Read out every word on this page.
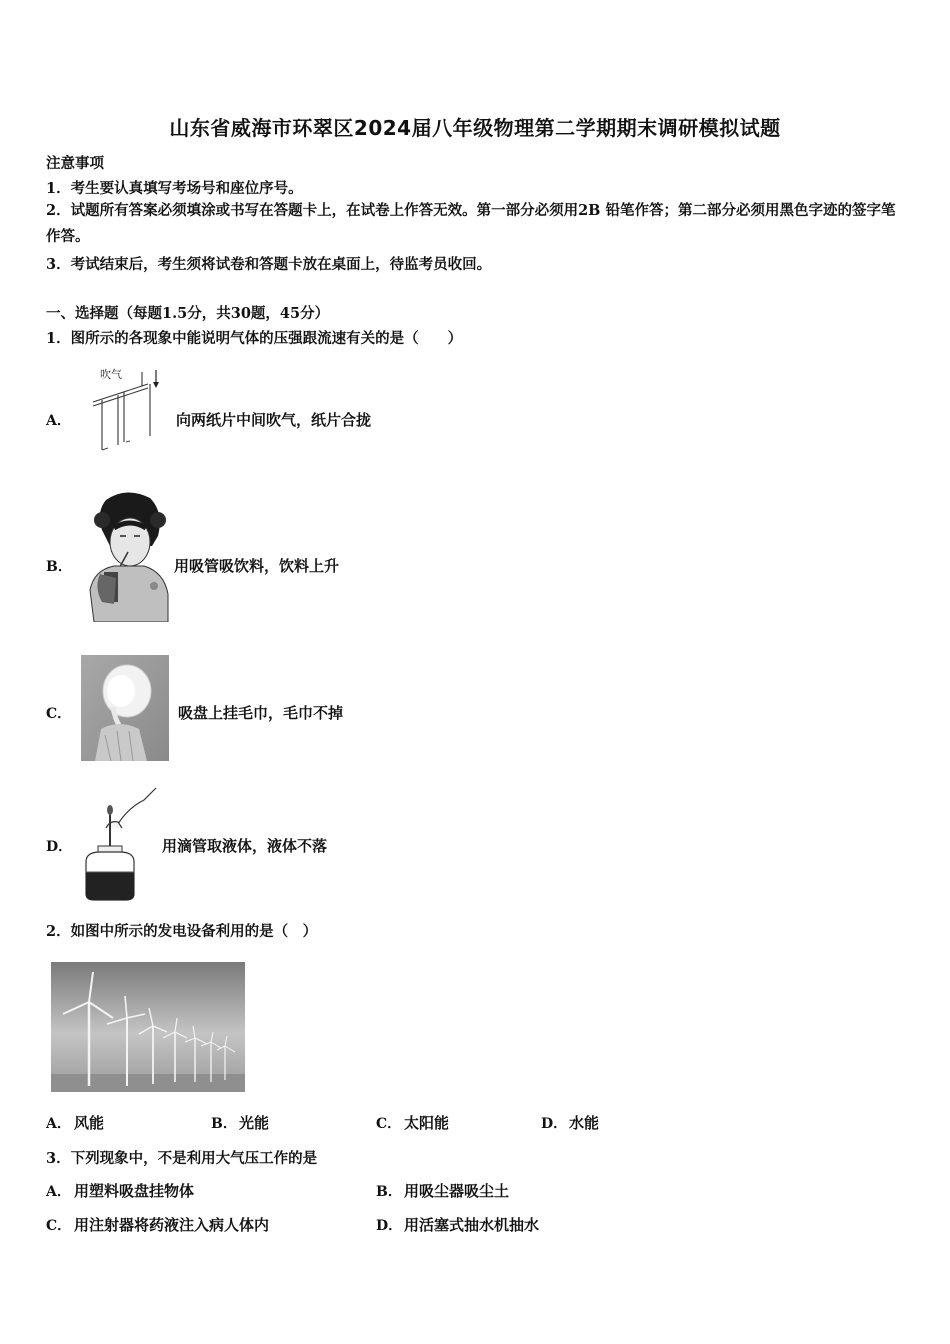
山东省威海市环翠区2024届八年级物理第二学期期末调研模拟试题
注意事项
1．考生要认真填写考场号和座位序号。
2．试题所有答案必须填涂或书写在答题卡上，在试卷上作答无效。第一部分必须用2B 铅笔作答；第二部分必须用黑色字迹的签字笔作答。
3．考试结束后，考生须将试卷和答题卡放在桌面上，待监考员收回。
一、选择题（每题1.5分，共30题，45分）
1．图所示的各现象中能说明气体的压强跟流速有关的是（　　）
A．
吹气
向两纸片中间吹气，纸片合拢
B．	用吸管吸饮料，饮料上升
C．	吸盘上挂毛巾，毛巾不掉
D．	用滴管取液体，液体不落
2．如图中所示的发电设备利用的是（　）
A． 风能	B． 光能	C． 太阳能	D． 水能
3．下列现象中，不是利用大气压工作的是
A． 用塑料吸盘挂物体	B． 用吸尘器吸尘土
C． 用注射器将药液注入病人体内	D． 用活塞式抽水机抽水
